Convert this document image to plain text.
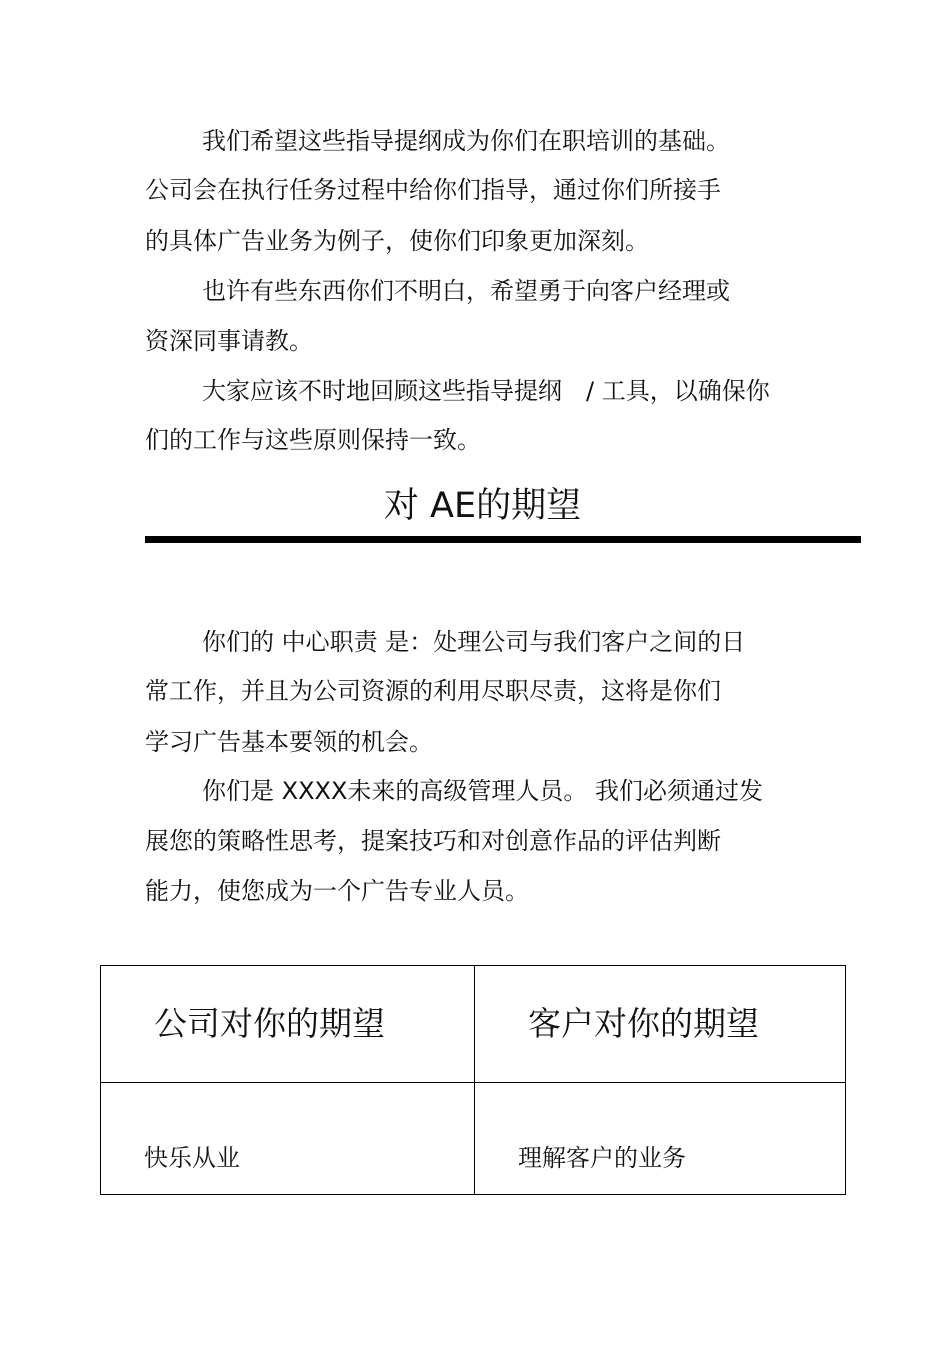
我们希望这些指导提纲成为你们在职培训的基础。
公司会在执行任务过程中给你们指导，通过你们所接手
的具体广告业务为例子，使你们印象更加深刻。
也许有些东西你们不明白，希望勇于向客户经理或
资深同事请教。
大家应该不时地回顾这些指导提纲　/ 工具，以确保你
们的工作与这些原则保持一致。
对 AE的期望
你们的 中心职责 是：处理公司与我们客户之间的日
常工作，并且为公司资源的利用尽职尽责，这将是你们
学习广告基本要领的机会。
你们是 XXXX未来的高级管理人员。 我们必须通过发
展您的策略性思考，提案技巧和对创意作品的评估判断
能力，使您成为一个广告专业人员。
公司对你的期望	客户对你的期望
快乐从业	理解客户的业务
